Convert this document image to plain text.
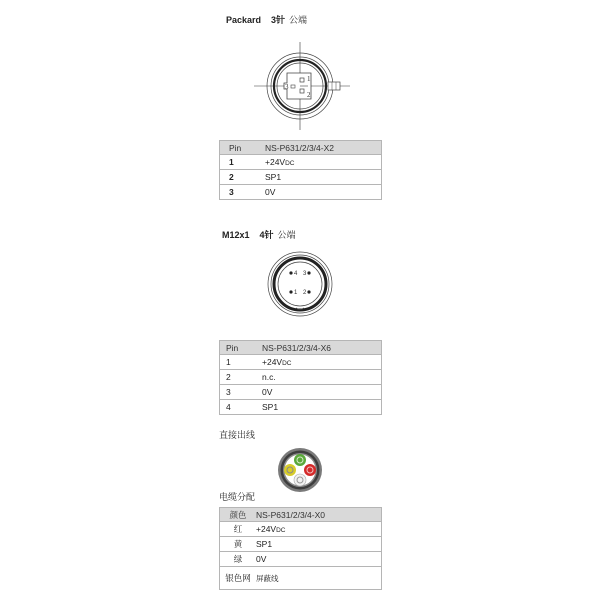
Packard 3针 公端
1
2
3
Pin	NS-P631/2/3/4-X2
1	+24VDC
2	SP1
3	0V
M12x1 4针 公端
4 3
1 2
Pin	NS-P631/2/3/4-X6
1	+24VDC
2	n.c.
3	0V
4	SP1
直接出线
电缆分配
颜色	NS-P631/2/3/4-X0
红	+24VDC
黄	SP1
绿	0V
银色网	屏蔽线
